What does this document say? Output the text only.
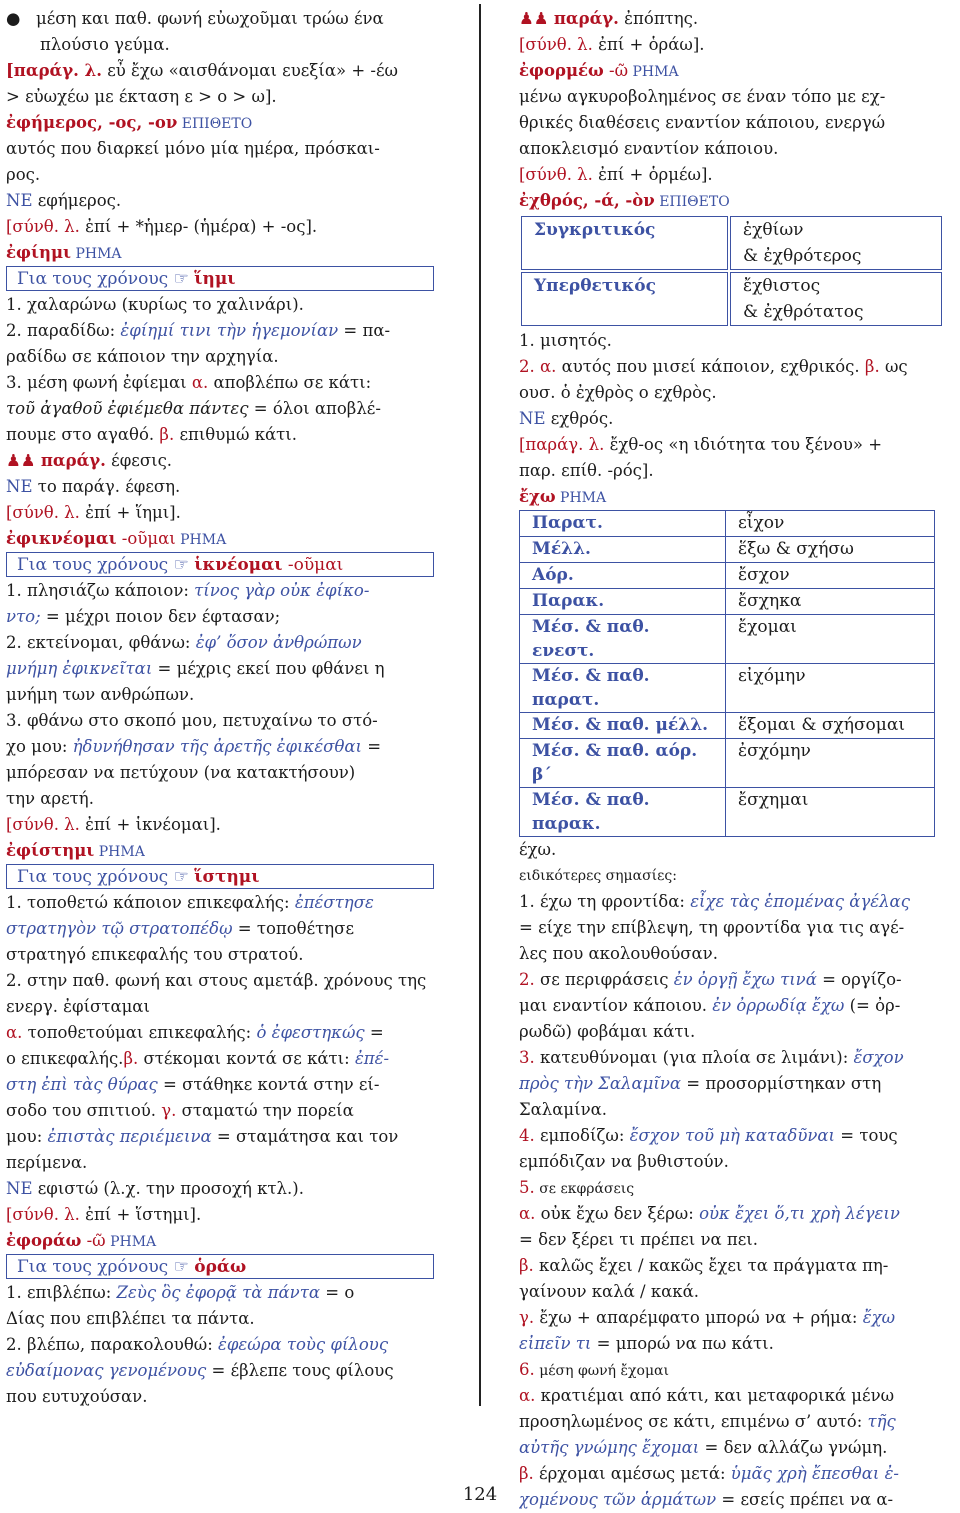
● μέση και παθ. φωνή εὐωχοῦμαι τρώω ένα
πλούσιο γεύμα.
[παράγ. λ. εὖ ἔχω «αισθάνομαι ευεξία» + -έω
> εὐωχέω με έκταση ε > ο > ω].
ἐφήμερος, -ος, -ον ΕΠΙΘΕΤΟ
αυτός που διαρκεί μόνο μία ημέρα, πρόσκαι-
ρος.
ΝΕ εφήμερος.
[σύνθ. λ. ἐπί + *ἡμερ- (ἡμέρα) + -ος].
ἐφίημι ΡΗΜΑ
Για τους χρόνους ☞ ἵημι
1. χαλαρώνω (κυρίως το χαλινάρι).
2. παραδίδω: ἐφίημί τινι τὴν ἡγεμονίαν = πα-
ραδίδω σε κάποιον την αρχηγία.
3. μέση φωνή ἐφίεμαι α. αποβλέπω σε κάτι:
τοῦ ἀγαθοῦ ἐφιέμεθα πάντες = όλοι αποβλέ-
πουμε στο αγαθό. β. επιθυμώ κάτι.
♟♟ παράγ. έφεσις.
ΝΕ το παράγ. έφεση.
[σύνθ. λ. ἐπί + ἵημι].
ἐφικνέομαι -οῦμαι ΡΗΜΑ
Για τους χρόνους ☞ ἱκνέομαι -οῦμαι
1. πλησιάζω κάποιον: τίνος γὰρ οὐκ ἐφίκο-
ντο; = μέχρι ποιον δεν έφτασαν;
2. εκτείνομαι, φθάνω: ἐφ’ ὅσον ἀνθρώπων
μνήμη ἐφικνεῖται = μέχρις εκεί που φθάνει η
μνήμη των ανθρώπων.
3. φθάνω στο σκοπό μου, πετυχαίνω το στό-
χο μου: ἠδυνήθησαν τῆς ἀρετῆς ἐφικέσθαι =
μπόρεσαν να πετύχουν (να κατακτήσουν)
την αρετή.
[σύνθ. λ. ἐπί + ἱκνέομαι].
ἐφίστημι ΡΗΜΑ
Για τους χρόνους ☞ ἵστημι
1. τοποθετώ κάποιον επικεφαλής: ἐπέστησε
στρατηγὸν τῷ στρατοπέδῳ = τοποθέτησε
στρατηγό επικεφαλής του στρατού.
2. στην παθ. φωνή και στους αμετάβ. χρόνους της
ενεργ. ἐφίσταμαι
α. τοποθετούμαι επικεφαλής: ὁ ἐφεστηκώς =
ο επικεφαλής.β. στέκομαι κοντά σε κάτι: ἐπέ-
στη ἐπὶ τὰς θύρας = στάθηκε κοντά στην εί-
σοδο του σπιτιού. γ. σταματώ την πορεία
μου: ἐπιστὰς περιέμεινα = σταμάτησα και τον
περίμενα.
ΝΕ εφιστώ (λ.χ. την προσοχή κτλ.).
[σύνθ. λ. ἐπί + ἵστημι].
ἐφοράω -ῶ ΡΗΜΑ
Για τους χρόνους ☞ ὁράω
1. επιβλέπω: Ζεὺς ὃς ἐφορᾷ τὰ πάντα = ο
Δίας που επιβλέπει τα πάντα.
2. βλέπω, παρακολουθώ: ἐφεώρα τοὺς φίλους
εὐδαίμονας γενομένους = έβλεπε τους φίλους
που ευτυχούσαν.
♟♟ παράγ. ἐπόπτης.
[σύνθ. λ. ἐπί + ὁράω].
ἐφορμέω -ῶ ΡΗΜΑ
μένω αγκυροβολημένος σε έναν τόπο με εχ-
θρικές διαθέσεις εναντίον κάποιου, ενεργώ
αποκλεισμό εναντίον κάποιου.
[σύνθ. λ. ἐπί + ὁρμέω].
ἐχθρός, -ά, -ὸν ΕΠΙΘΕΤΟ
Συγκριτικός	ἐχθίων
& ἐχθρότερος

Υπερθετικός	ἔχθιστος
& ἐχθρότατος
1. μισητός.
2. α. αυτός που μισεί κάποιον, εχθρικός. β. ως
ουσ. ὁ ἐχθρὸς ο εχθρὸς.
ΝΕ εχθρός.
[παράγ. λ. ἔχθ-ος «η ιδιότητα του ξένου» +
παρ. επίθ. -ρός].
ἔχω ΡΗΜΑ
Παρατ.	εἶχον
Μέλλ.	ἕξω & σχήσω
Αόρ.	ἔσχον
Παρακ.	ἔσχηκα
Μέσ. & παθ. ενεστ.	ἔχομαι
Μέσ. & παθ. παρατ.	εἰχόμην
Μέσ. & παθ. μέλλ.	ἕξομαι & σχήσομαι
Μέσ. & παθ. αόρ. β΄	ἐσχόμην
Μέσ. & παθ. παρακ.	ἔσχημαι
έχω.
ειδικότερες σημασίες:
1. έχω τη φροντίδα: εἶχε τὰς ἑπομένας ἀγέλας
= είχε την επίβλεψη, τη φροντίδα για τις αγέ-
λες που ακολουθούσαν.
2. σε περιφράσεις ἐν ὀργῇ ἔχω τινά = οργίζο-
μαι εναντίον κάποιου. ἐν ὀρρωδίᾳ ἔχω (= ὀρ-
ρωδῶ) φοβάμαι κάτι.
3. κατευθύνομαι (για πλοία σε λιμάνι): ἔσχον
πρὸς τὴν Σαλαμῖνα = προσορμίστηκαν στη
Σαλαμίνα.
4. εμποδίζω: ἔσχον τοῦ μὴ καταδῦναι = τους
εμπόδιζαν να βυθιστούν.
5. σε εκφράσεις
α. οὐκ ἔχω δεν ξέρω: οὐκ ἔχει ὅ,τι χρὴ λέγειν
= δεν ξέρει τι πρέπει να πει.
β. καλῶς ἔχει / κακῶς ἔχει τα πράγματα πη-
γαίνουν καλά / κακά.
γ. ἔχω + απαρέμφατο μπορώ να + ρήμα: ἔχω
εἰπεῖν τι = μπορώ να πω κάτι.
6. μέση φωνή ἔχομαι
α. κρατιέμαι από κάτι, και μεταφορικά μένω
προσηλωμένος σε κάτι, επιμένω σ’ αυτό: τῆς
αὐτῆς γνώμης ἔχομαι = δεν αλλάζω γνώμη.
β. έρχομαι αμέσως μετά: ὑμᾶς χρὴ ἔπεσθαι ἐ-
χομένους τῶν ἁρμάτων = εσείς πρέπει να α-
124
